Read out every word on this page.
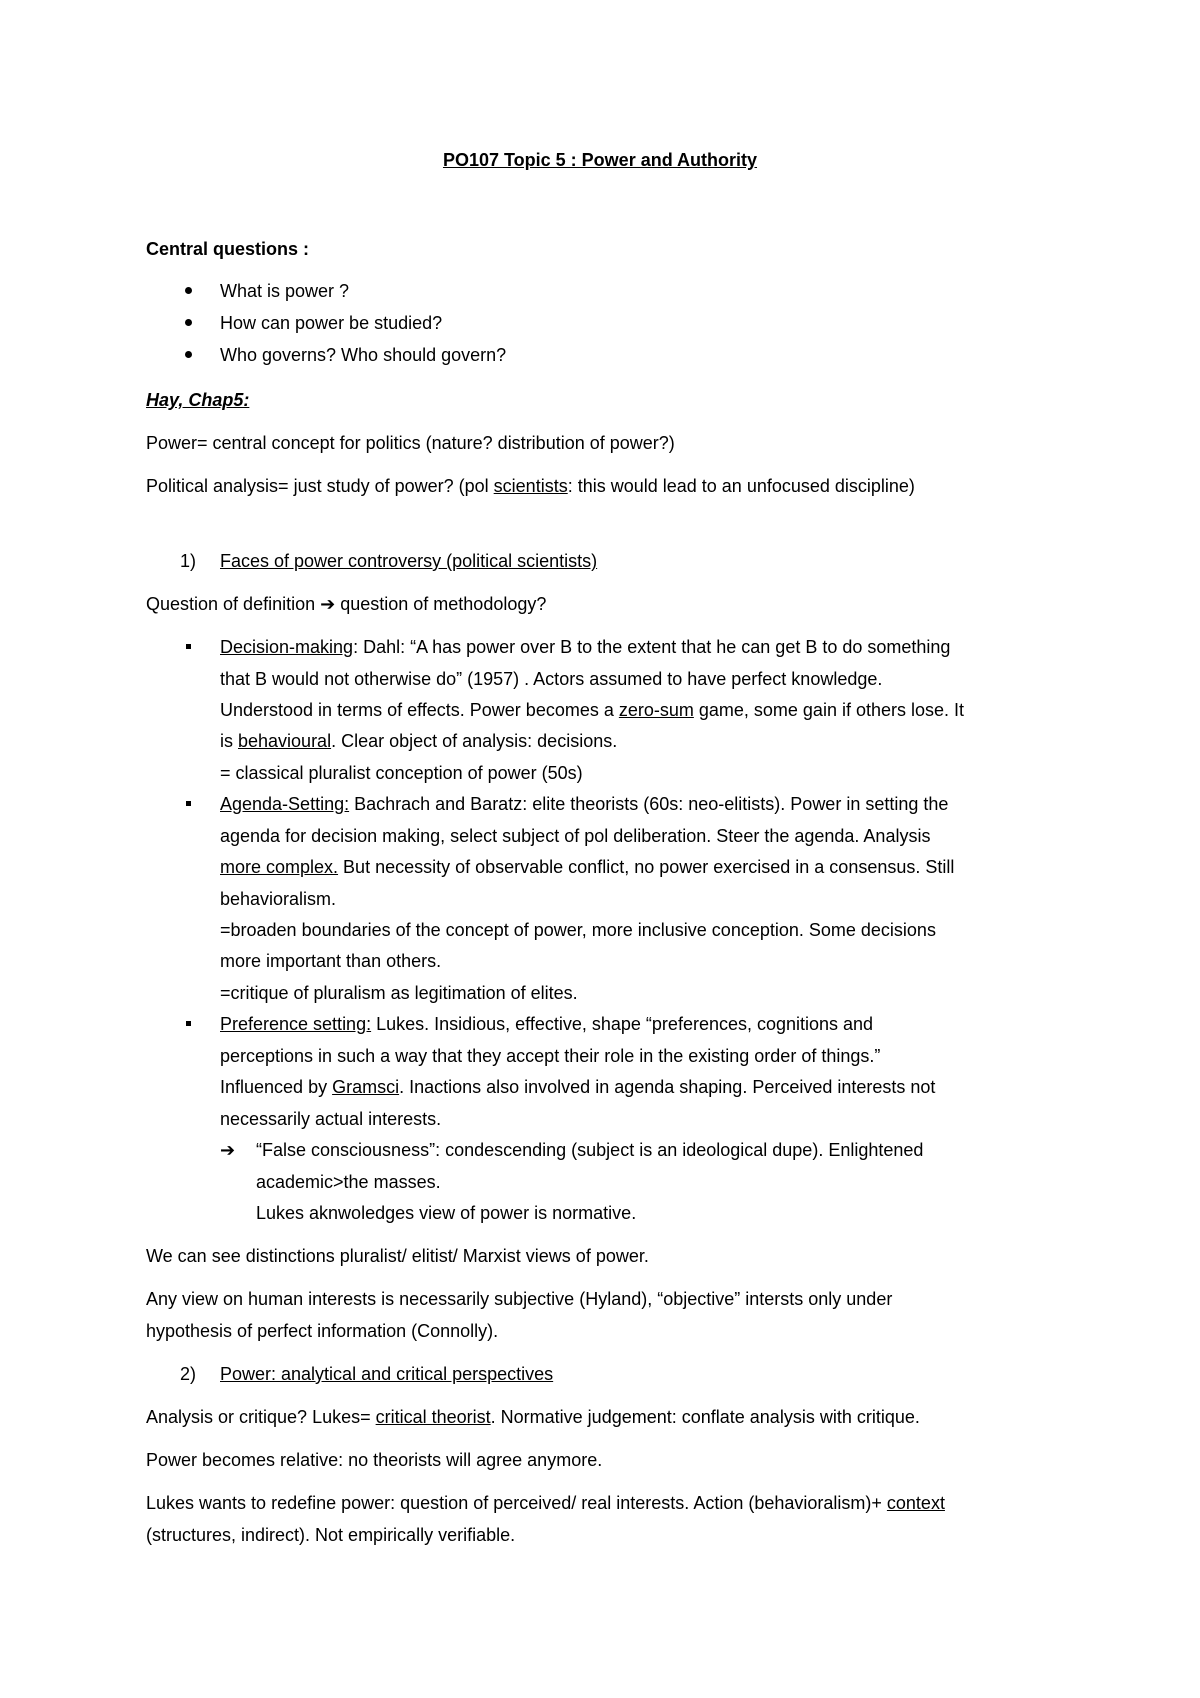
PO107 Topic 5 : Power and Authority
Central questions :
What is power ?
How can power be studied?
Who governs? Who should govern?
Hay, Chap5:
Power= central concept for politics (nature? distribution of power?)
Political analysis= just study of power? (pol scientists: this would lead to an unfocused discipline)
1) Faces of power controversy (political scientists)
Question of definition ➔ question of methodology?
Decision-making: Dahl: “A has power over B to the extent that he can get B to do something
that B would not otherwise do” (1957) . Actors assumed to have perfect knowledge.
Understood in terms of effects. Power becomes a zero-sum game, some gain if others lose. It
is behavioural. Clear object of analysis: decisions.
= classical pluralist conception of power (50s)
Agenda-Setting: Bachrach and Baratz: elite theorists (60s: neo-elitists). Power in setting the
agenda for decision making, select subject of pol deliberation. Steer the agenda. Analysis
more complex. But necessity of observable conflict, no power exercised in a consensus. Still
behavioralism.
=broaden boundaries of the concept of power, more inclusive conception. Some decisions
more important than others.
=critique of pluralism as legitimation of elites.
Preference setting: Lukes. Insidious, effective, shape “preferences, cognitions and
perceptions in such a way that they accept their role in the existing order of things.”
Influenced by Gramsci. Inactions also involved in agenda shaping. Perceived interests not
necessarily actual interests.
➔ “False consciousness”: condescending (subject is an ideological dupe). Enlightened
academic>the masses.
Lukes aknwoledges view of power is normative.
We can see distinctions pluralist/ elitist/ Marxist views of power.
Any view on human interests is necessarily subjective (Hyland), “objective” intersts only under
hypothesis of perfect information (Connolly).
2) Power: analytical and critical perspectives
Analysis or critique? Lukes= critical theorist. Normative judgement: conflate analysis with critique.
Power becomes relative: no theorists will agree anymore.
Lukes wants to redefine power: question of perceived/ real interests. Action (behavioralism)+ context
(structures, indirect). Not empirically verifiable.
